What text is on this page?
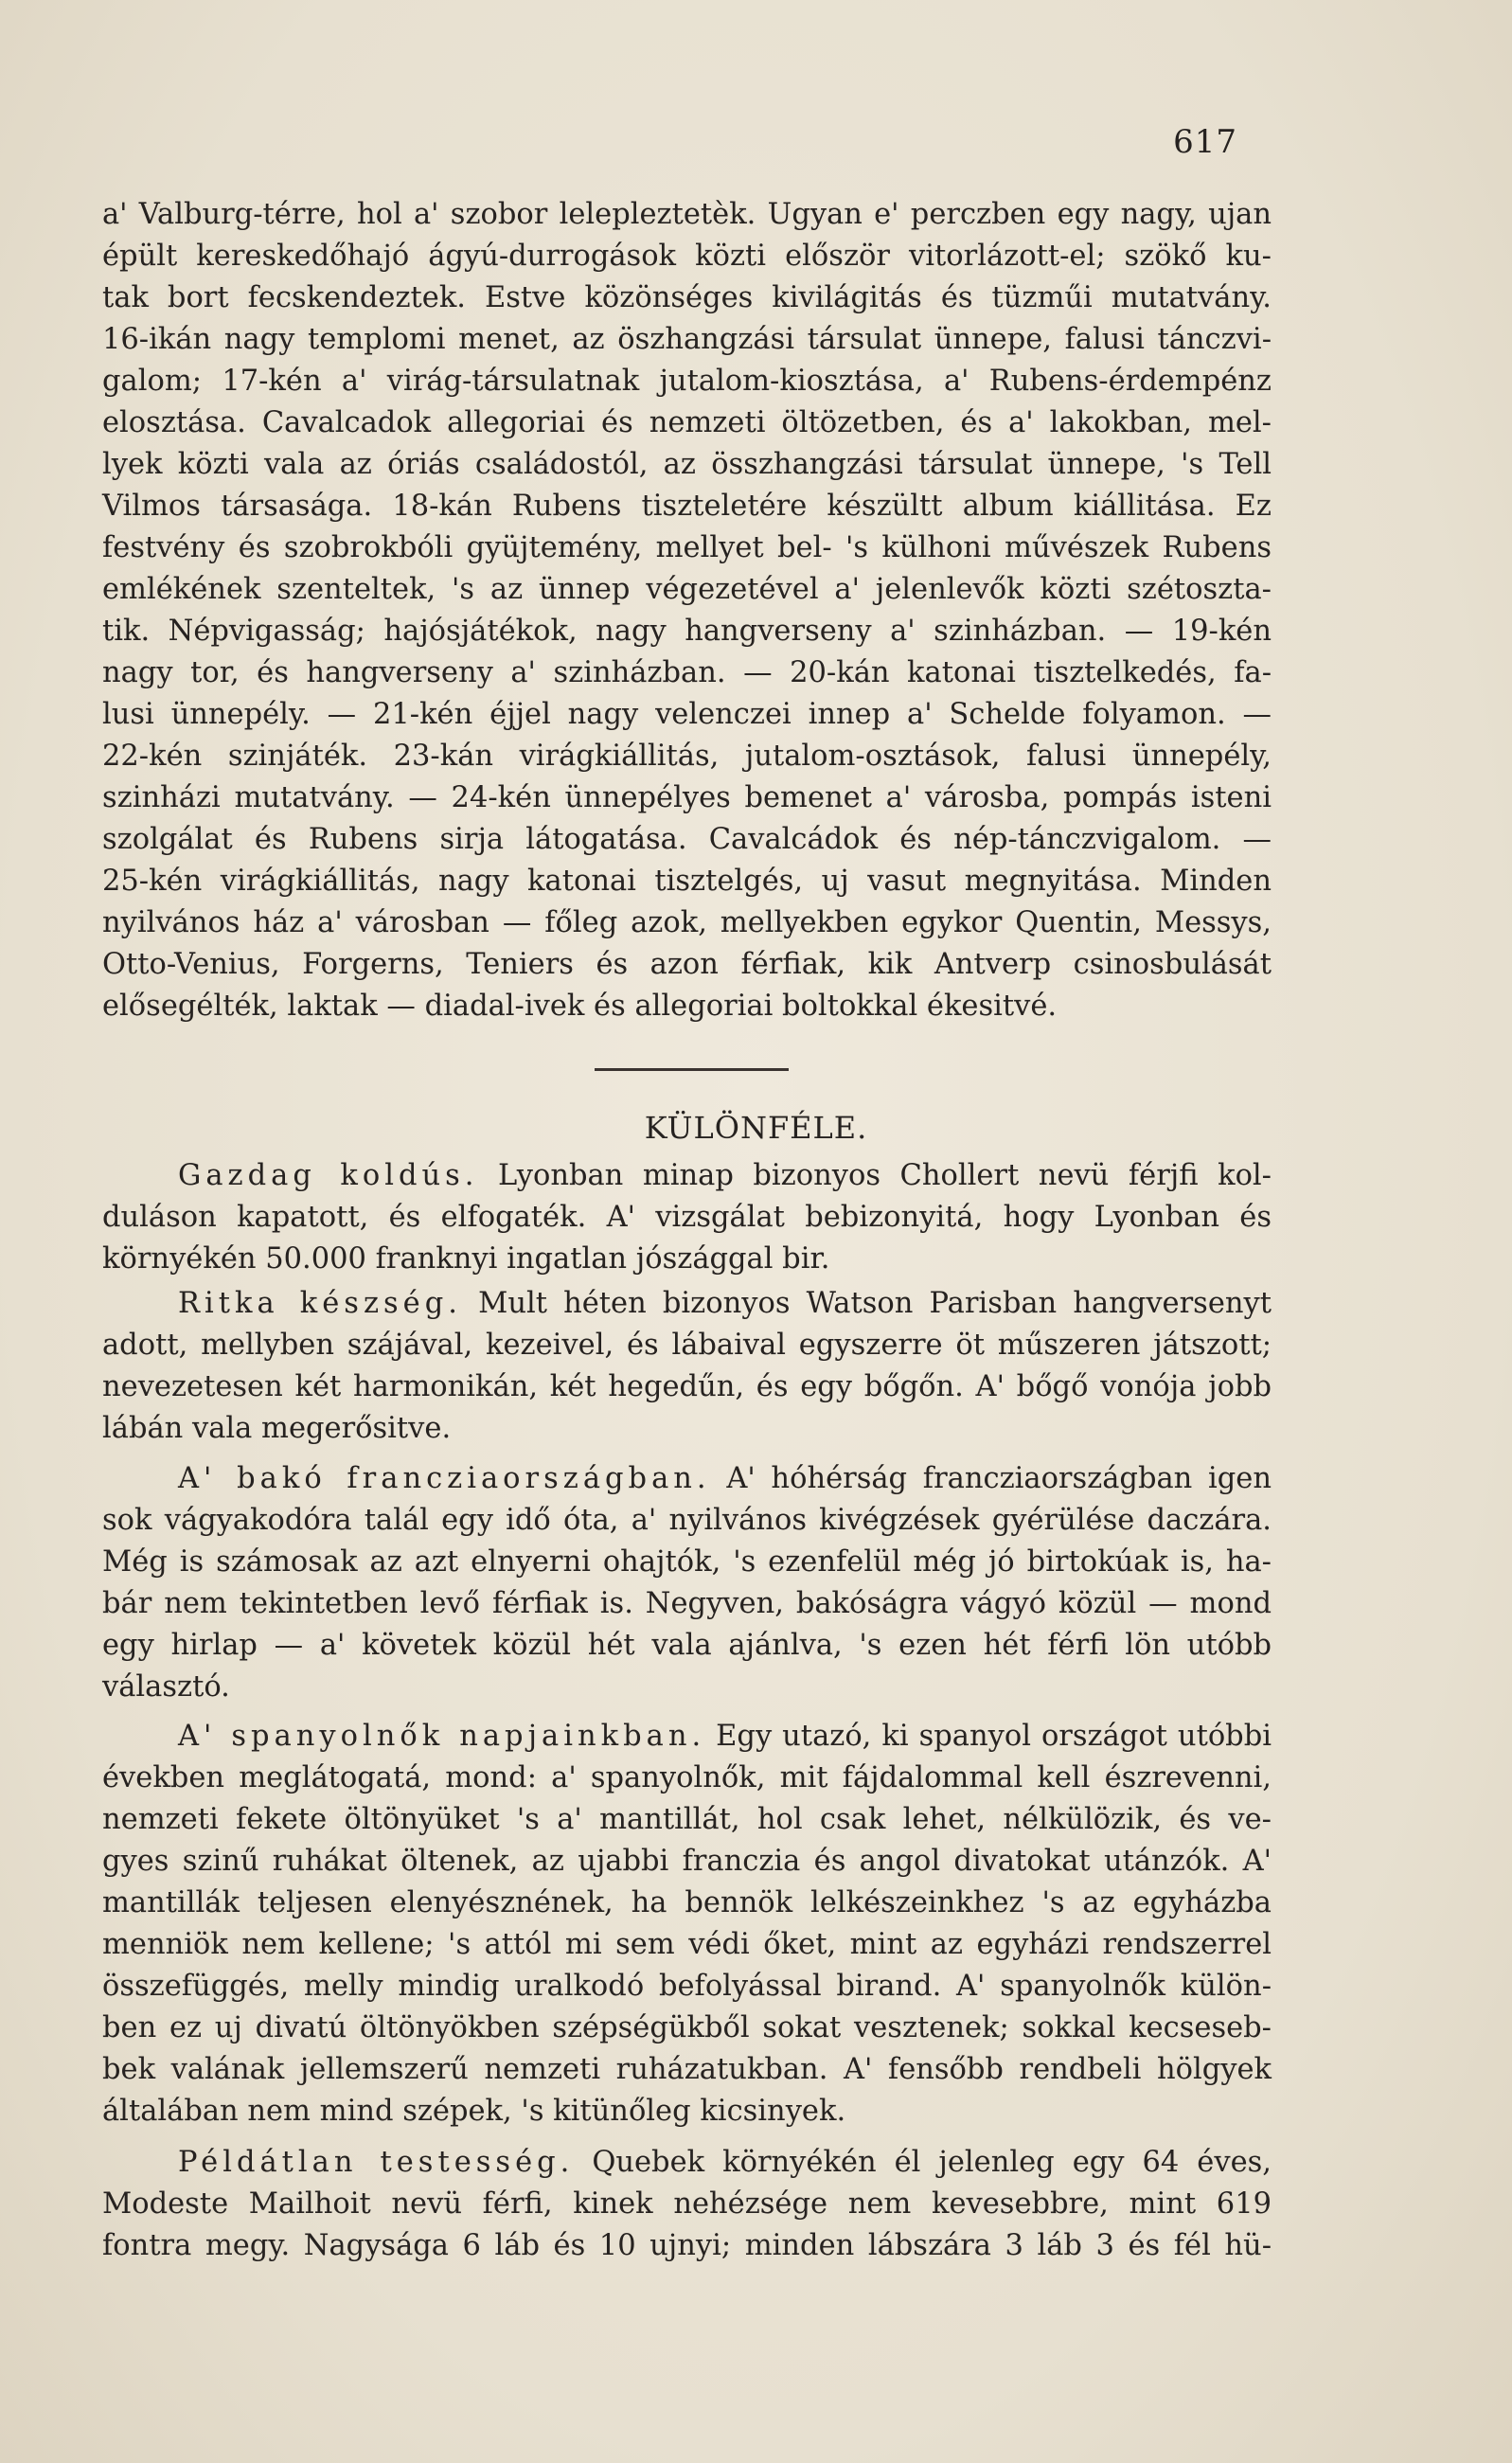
617
a' Valburg-térre, hol a' szobor lelepleztetèk. Ugyan e' perczben egy nagy, ujan
épült kereskedőhajó ágyú-durrogások közti először vitorlázott-el; szökő ku-
tak bort fecskendeztek. Estve közönséges kivilágitás és tüzműi mutatvány.
16-ikán nagy templomi menet, az öszhangzási társulat ünnepe, falusi tánczvi-
galom; 17-kén a' virág-társulatnak jutalom-kiosztása, a' Rubens-érdempénz
elosztása. Cavalcadok allegoriai és nemzeti öltözetben, és a' lakokban, mel-
lyek közti vala az óriás családostól, az összhangzási társulat ünnepe, 's Tell
Vilmos társasága. 18-kán Rubens tiszteletére készültt album kiállitása. Ez
festvény és szobrokbóli gyüjtemény, mellyet bel- 's külhoni művészek Rubens
emlékének szenteltek, 's az ünnep végezetével a' jelenlevők közti szétoszta-
tik. Népvigasság; hajósjátékok, nagy hangverseny a' szinházban. — 19-kén
nagy tor, és hangverseny a' szinházban. — 20-kán katonai tisztelkedés, fa-
lusi ünnepély. — 21-kén éjjel nagy velenczei innep a' Schelde folyamon. —
22-kén szinjáték. 23-kán virágkiállitás, jutalom-osztások, falusi ünnepély,
szinházi mutatvány. — 24-kén ünnepélyes bemenet a' városba, pompás isteni
szolgálat és Rubens sirja látogatása. Cavalcádok és nép-tánczvigalom. —
25-kén virágkiállitás, nagy katonai tisztelgés, uj vasut megnyitása. Minden
nyilvános ház a' városban — főleg azok, mellyekben egykor Quentin, Messys,
Otto-Venius, Forgerns, Teniers és azon férfiak, kik Antverp csinosbulását
elősegélték, laktak — diadal-ivek és allegoriai boltokkal ékesitvé.
KÜLÖNFÉLE.
Gazdag koldús. Lyonban minap bizonyos Chollert nevü férjfi kol-
duláson kapatott, és elfogaték. A' vizsgálat bebizonyitá, hogy Lyonban és
környékén 50.000 franknyi ingatlan jószággal bir.
Ritka készség. Mult héten bizonyos Watson Parisban hangversenyt
adott, mellyben szájával, kezeivel, és lábaival egyszerre öt műszeren játszott;
nevezetesen két harmonikán, két hegedűn, és egy bőgőn. A' bőgő vonója jobb
lábán vala megerősitve.
A' bakó francziaországban. A' hóhérság francziaországban igen
sok vágyakodóra talál egy idő óta, a' nyilvános kivégzések gyérülése daczára.
Még is számosak az azt elnyerni ohajtók, 's ezenfelül még jó birtokúak is, ha-
bár nem tekintetben levő férfiak is. Negyven, bakóságra vágyó közül — mond
egy hirlap — a' követek közül hét vala ajánlva, 's ezen hét férfi lön utóbb
választó.
A' spanyolnők napjainkban. Egy utazó, ki spanyol országot utóbbi
években meglátogatá, mond: a' spanyolnők, mit fájdalommal kell észrevenni,
nemzeti fekete öltönyüket 's a' mantillát, hol csak lehet, nélkülözik, és ve-
gyes szinű ruhákat öltenek, az ujabbi franczia és angol divatokat utánzók. A'
mantillák teljesen elenyésznének, ha bennök lelkészeinkhez 's az egyházba
menniök nem kellene; 's attól mi sem védi őket, mint az egyházi rendszerrel
összefüggés, melly mindig uralkodó befolyással birand. A' spanyolnők külön-
ben ez uj divatú öltönyökben szépségükből sokat vesztenek; sokkal kecseseb-
bek valának jellemszerű nemzeti ruházatukban. A' fensőbb rendbeli hölgyek
általában nem mind szépek, 's kitünőleg kicsinyek.
Példátlan testesség. Quebek környékén él jelenleg egy 64 éves,
Modeste Mailhoit nevü férfi, kinek nehézsége nem kevesebbre, mint 619
fontra megy. Nagysága 6 láb és 10 ujnyi; minden lábszára 3 láb 3 és fél hü-
